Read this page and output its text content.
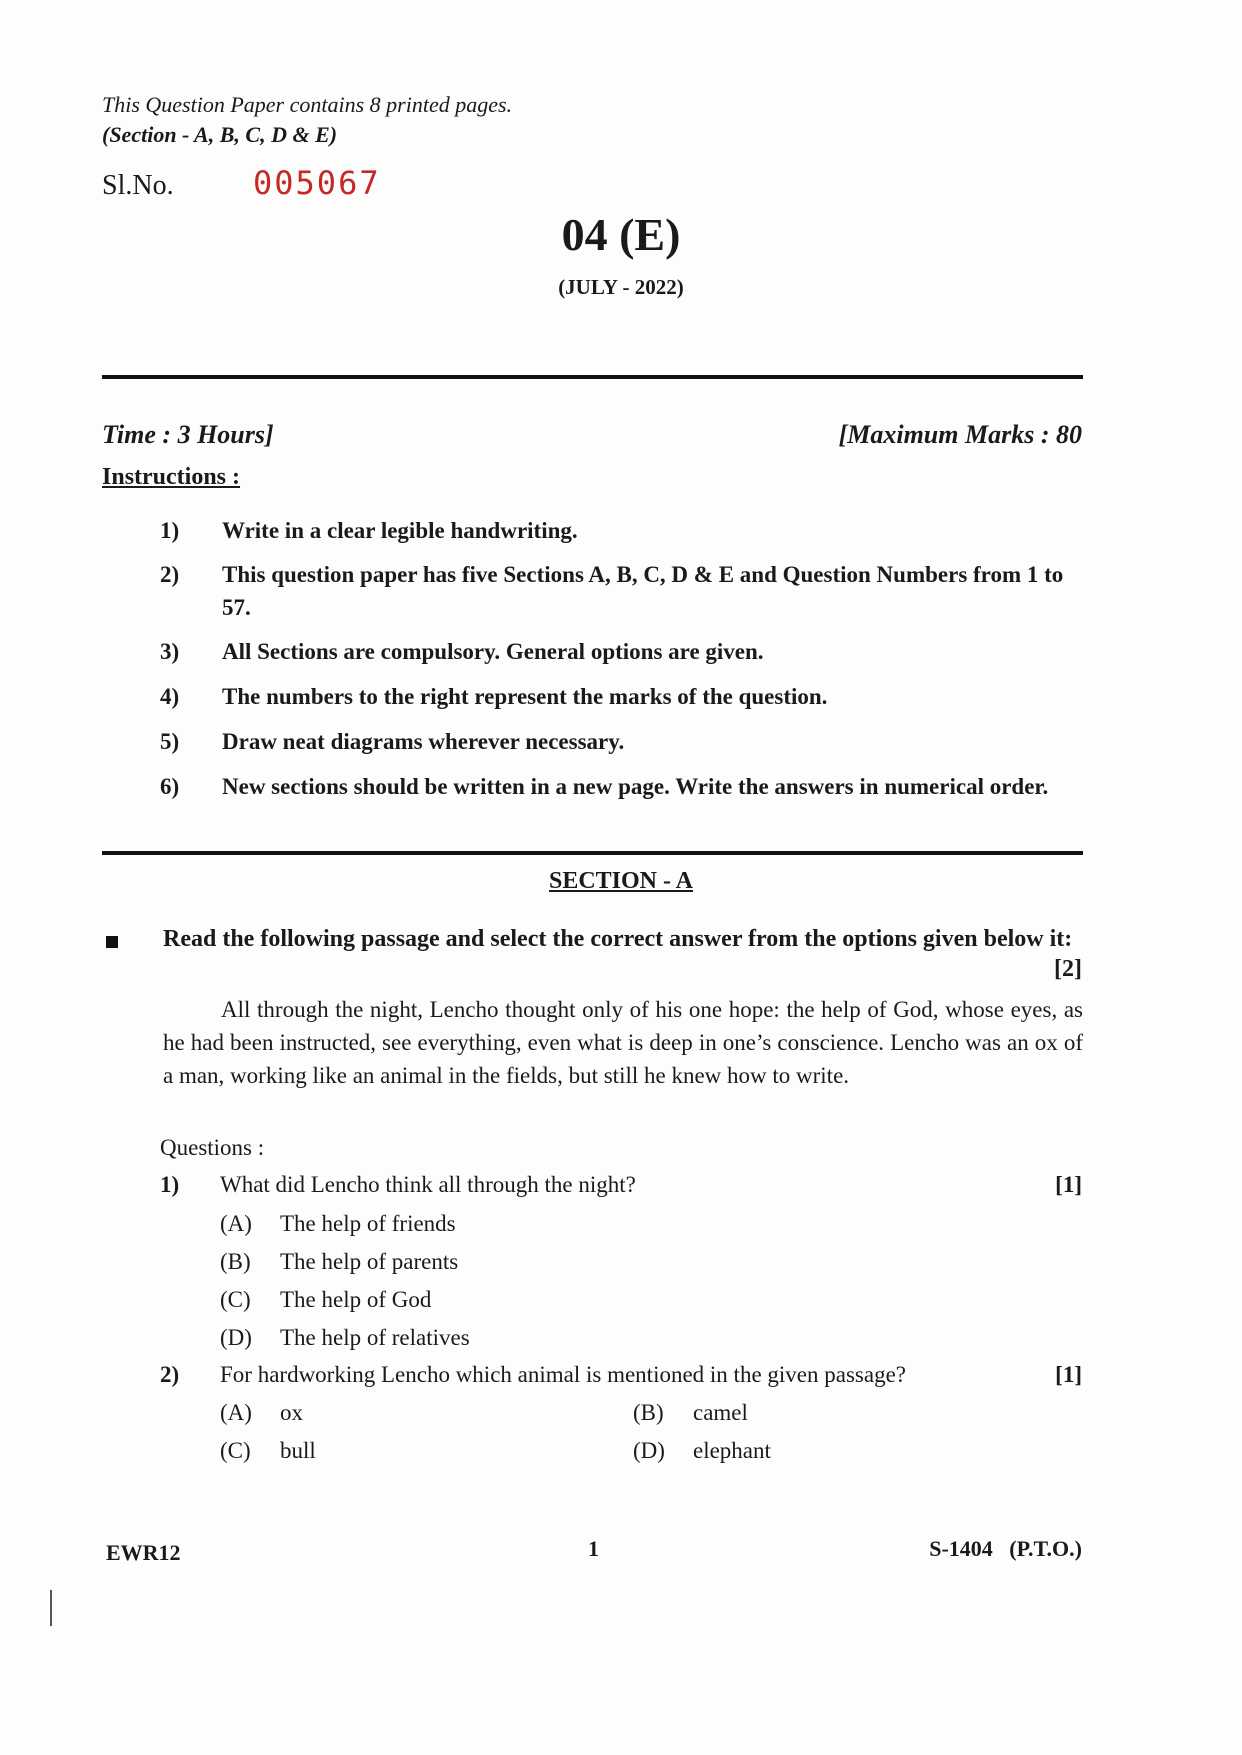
This Question Paper contains 8 printed pages.
(Section - A, B, C, D & E)
Sl.No. 005067
04 (E)
(JULY - 2022)
Time : 3 Hours]	[Maximum Marks : 80
Instructions :
1)	Write in a clear legible handwriting.
2)	This question paper has five Sections A, B, C, D & E and Question Numbers from 1 to 57.
3)	All Sections are compulsory. General options are given.
4)	The numbers to the right represent the marks of the question.
5)	Draw neat diagrams wherever necessary.
6)	New sections should be written in a new page. Write the answers in numerical order.
SECTION - A
Read the following passage and select the correct answer from the options given below it:
[2]
All through the night, Lencho thought only of his one hope: the help of God, whose eyes, as he had been instructed, see everything, even what is deep in one’s conscience. Lencho was an ox of a man, working like an animal in the fields, but still he knew how to write.
Questions :
1) What did Lencho think all through the night?	[1]
(A) The help of friends
(B) The help of parents
(C) The help of God
(D) The help of relatives
2) For hardworking Lencho which animal is mentioned in the given passage?	[1]
(A) ox	(B) camel
(C) bull	(D) elephant
EWR12	1	S-1404   (P.T.O.)
